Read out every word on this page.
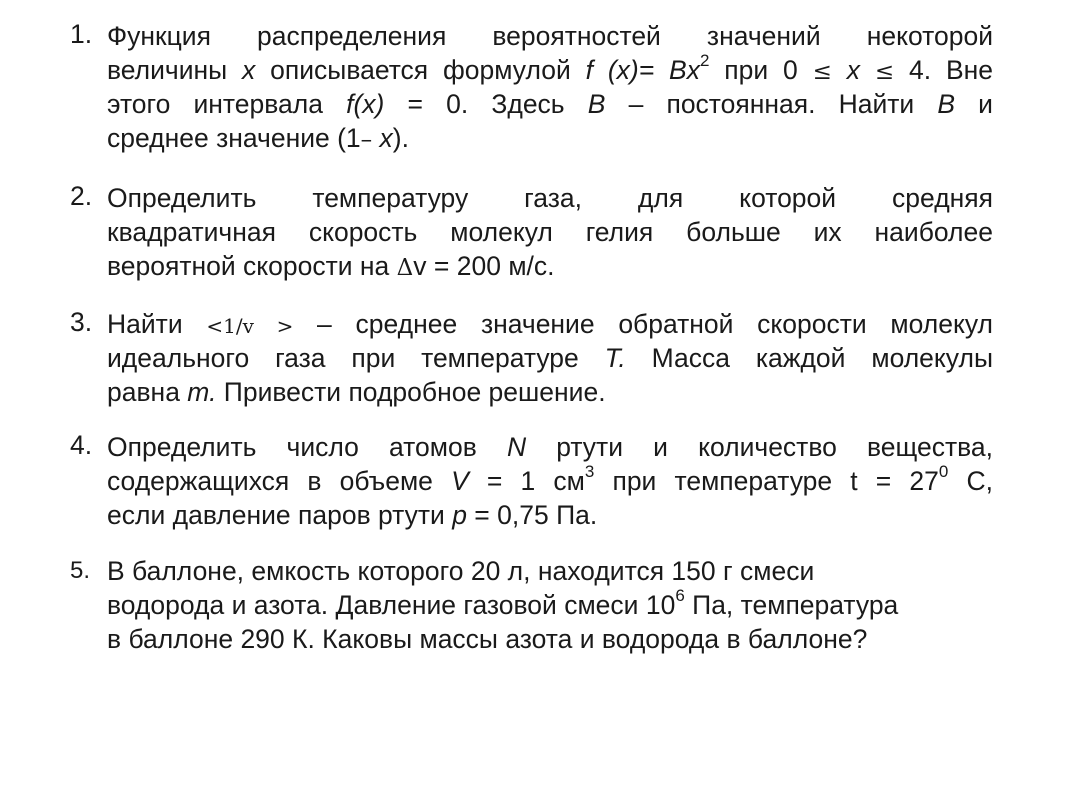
1. Функция распределения вероятностей значений некоторой
величины x описывается формулой f $(x)= Bx^2$ при 0 ≤ x ≤ 4. Вне
этого интервала f(x) = 0. Здесь B – постоянная. Найти B и
среднее значение (1– x).
2. Определить температуру газа, для которой средняя
квадратичная скорость молекул гелия больше их наиболее
вероятной скорости на Δv = 200 м/с.
3. Найти <1/v > – среднее значение обратной скорости молекул
идеального газа при температуре T. Масса каждой молекулы
равна т. Привести подробное решение.
4. Определить число атомов N ртути и количество вещества,
содержащихся в объеме V = 1 $см^3$ при температуре $t = 27^0$ С,
если давление паров ртути р = 0,75 Па.
5. В баллоне, емкость которого 20 л, находится 150 г смеси
водорода и азота. Давление газовой смеси $10^6$ Па, температура
в баллоне 290 К. Каковы массы азота и водорода в баллоне?
